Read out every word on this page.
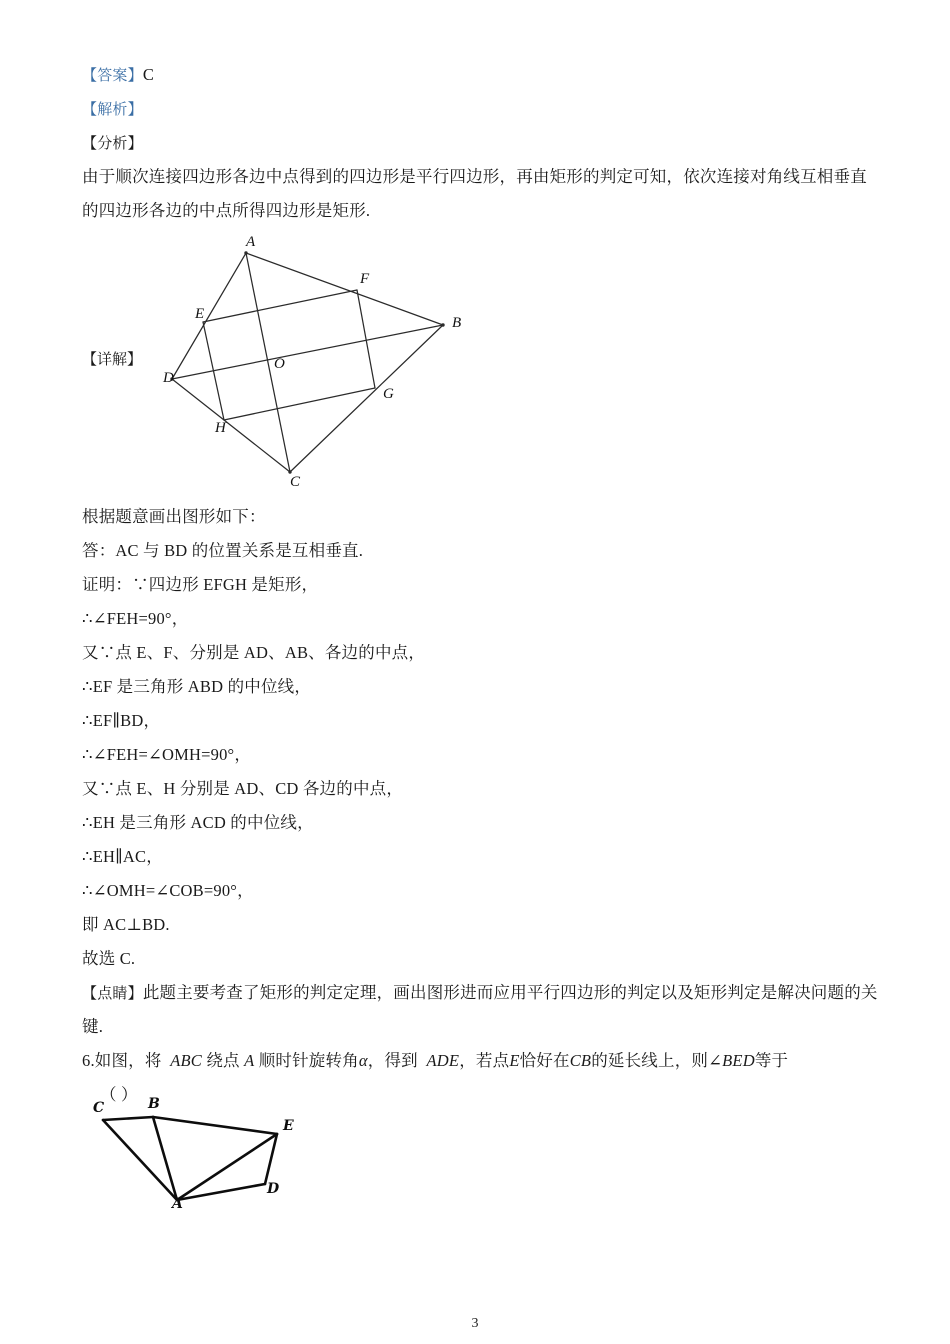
【答案】C
【解析】
【分析】
由于顺次连接四边形各边中点得到的四边形是平行四边形，再由矩形的判定可知，依次连接对角线互相垂直的四边形各边的中点所得四边形是矩形.
根据题意画出图形如下：
答：AC 与 BD 的位置关系是互相垂直.
证明：∵四边形 EFGH 是矩形，
∴∠FEH=90°，
又∵点 E、F、分别是 AD、AB、各边的中点，
∴EF 是三角形 ABD 的中位线，
∴EF∥BD，
∴∠FEH=∠OMH=90°，
又∵点 E、H 分别是 AD、CD 各边的中点，
∴EH 是三角形 ACD 的中位线，
∴EH∥AC，
∴∠OMH=∠COB=90°，
即 AC⊥BD.
故选 C.
【点睛】此题主要考查了矩形的判定定理，画出图形进而应用平行四边形的判定以及矩形判定是解决问题的关键.
6.如图，将 ABC 绕点 A 顺时针旋转角α，得到 ADE，若点E恰好在CB的延长线上，则∠BED等于
（ ）
【详解】
A
B
C
D
E
F
G
H
O
C	B
E
D
A
3
